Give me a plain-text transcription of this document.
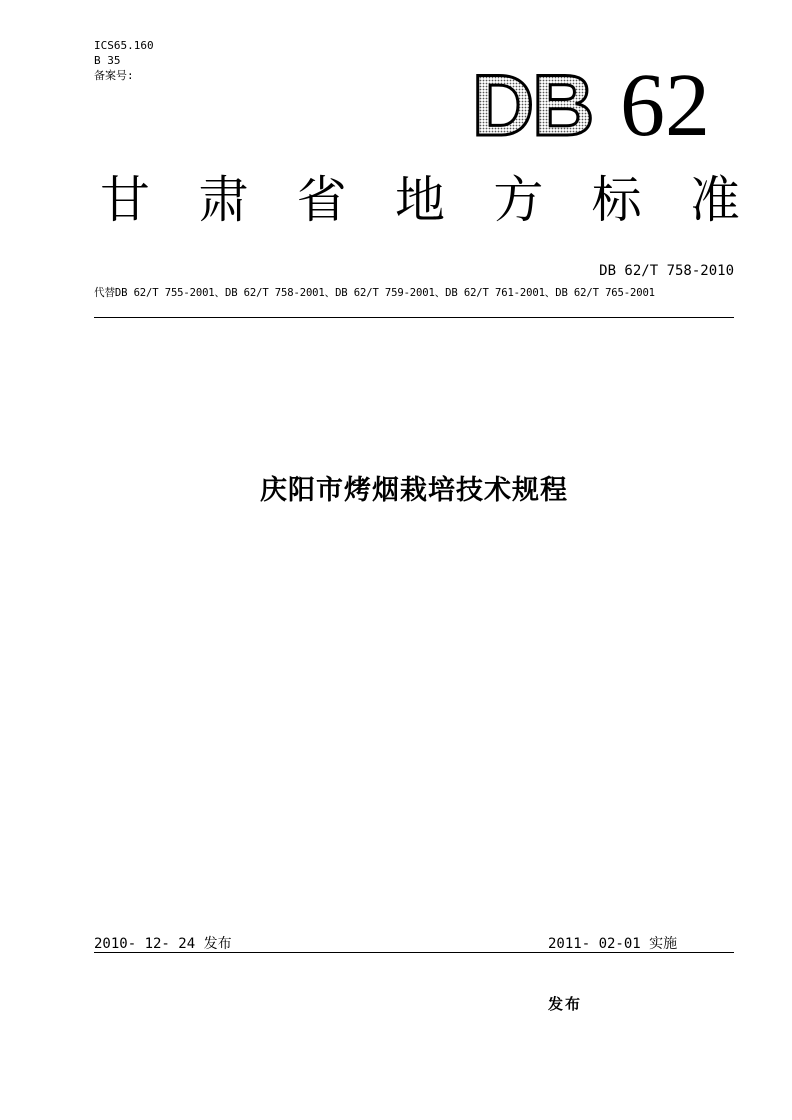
ICS65.160
B 35
备案号:	DB 62
甘 肃 省 地 方 标 准
DB 62/T 758-2010
代替DB 62/T 755-2001、DB 62/T 758-2001、DB 62/T 759-2001、DB 62/T 761-2001、DB 62/T 765-2001
庆阳市烤烟栽培技术规程
2010- 12- 24 发布	2011- 02-01 实施
发布
